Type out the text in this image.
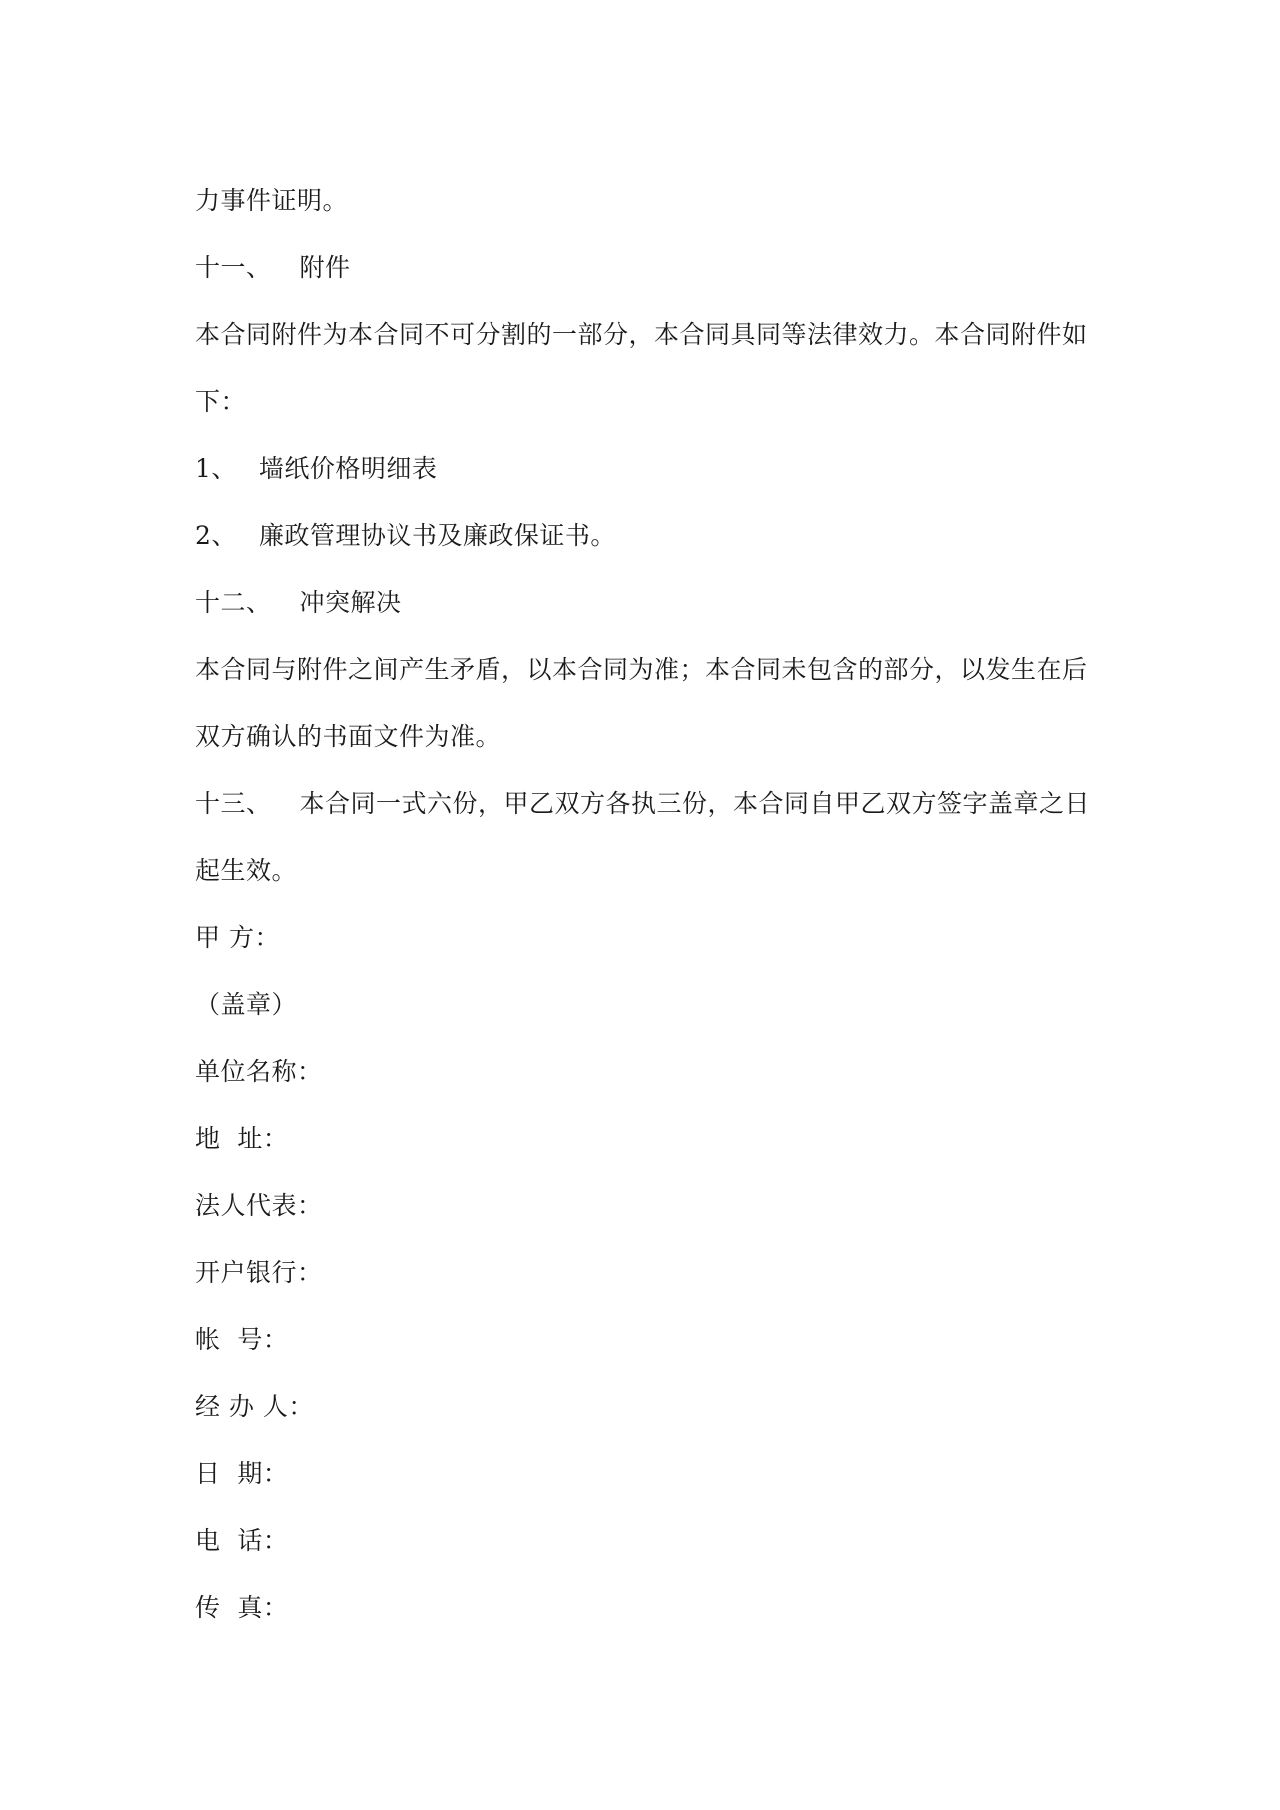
力事件证明。
十一、 附件
本合同附件为本合同不可分割的一部分，本合同具同等法律效力。本合同附件如
下：
1、 墙纸价格明细表
2、 廉政管理协议书及廉政保证书。
十二、 冲突解决
本合同与附件之间产生矛盾，以本合同为准；本合同未包含的部分，以发生在后
双方确认的书面文件为准。
十三、 本合同一式六份，甲乙双方各执三份，本合同自甲乙双方签字盖章之日
起生效。
甲 方：
（盖章）
单位名称：
地  址：
法人代表：
开户银行：
帐  号：
经 办 人：
日  期：
电  话：
传  真：
